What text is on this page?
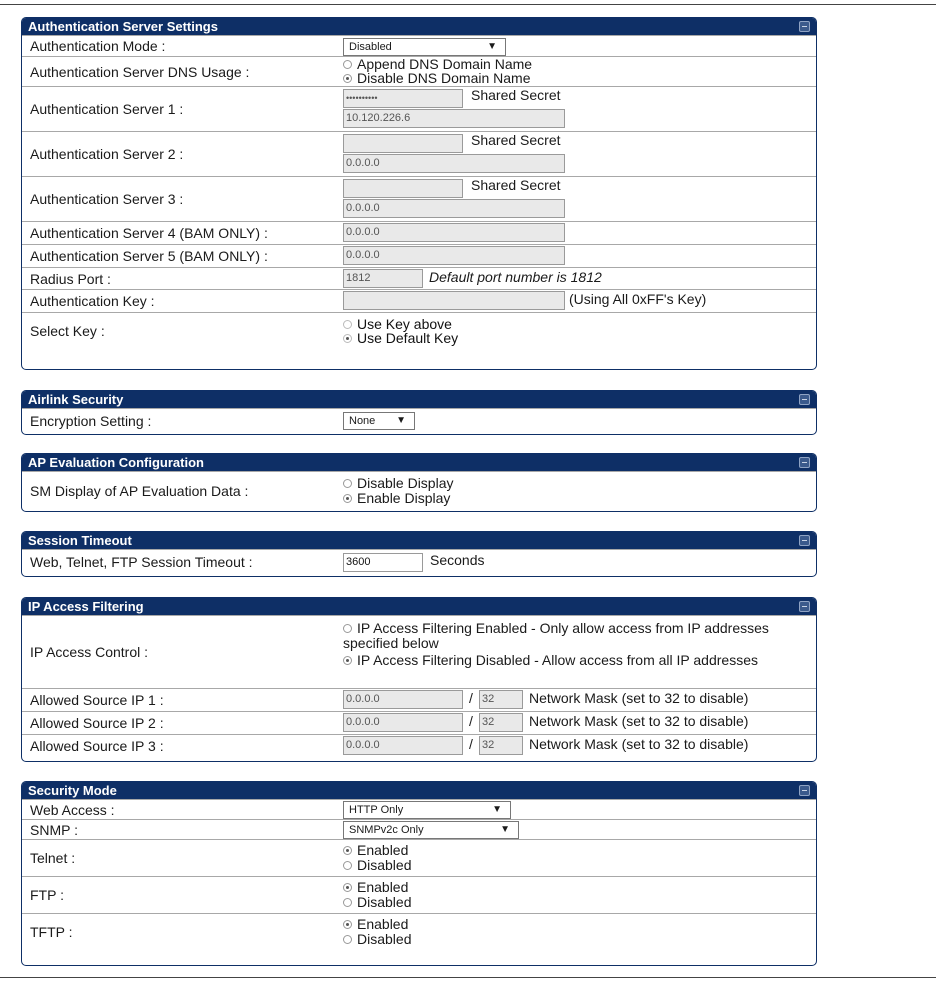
Authentication Server Settings
Authentication Mode :	Disabled	▼
Authentication Server DNS Usage :	Append DNS Domain Name
Disable DNS Domain Name
Authentication Server 1 :
••••••••••	Shared Secret
10.120.226.6
Authentication Server 2 :
Shared Secret
0.0.0.0
Authentication Server 3 :
Shared Secret
0.0.0.0
Authentication Server 4 (BAM ONLY) :	0.0.0.0
Authentication Server 5 (BAM ONLY) :	0.0.0.0
Radius Port :	1812	Default port number is 1812
Authentication Key :	(Using All 0xFF's Key)
Select Key :	Use Key above
Use Default Key
Airlink Security
Encryption Setting :	None ▼
AP Evaluation Configuration
SM Display of AP Evaluation Data :	Disable Display
Enable Display
Session Timeout
Web, Telnet, FTP Session Timeout :	3600	Seconds
IP Access Filtering
IP Access Control :
IP Access Filtering Enabled - Only allow access from IP addresses specified below
IP Access Filtering Disabled - Allow access from all IP addresses
Allowed Source IP 1 :	0.0.0.0	/ 32	Network Mask (set to 32 to disable)
Allowed Source IP 2 :	0.0.0.0	/ 32	Network Mask (set to 32 to disable)
Allowed Source IP 3 :	0.0.0.0	/ 32	Network Mask (set to 32 to disable)
Security Mode
Web Access :	HTTP Only	▼
SNMP :	SNMPv2c Only	▼
Telnet :	Enabled
Disabled
FTP :	Enabled
Disabled
TFTP :	Enabled
Disabled
